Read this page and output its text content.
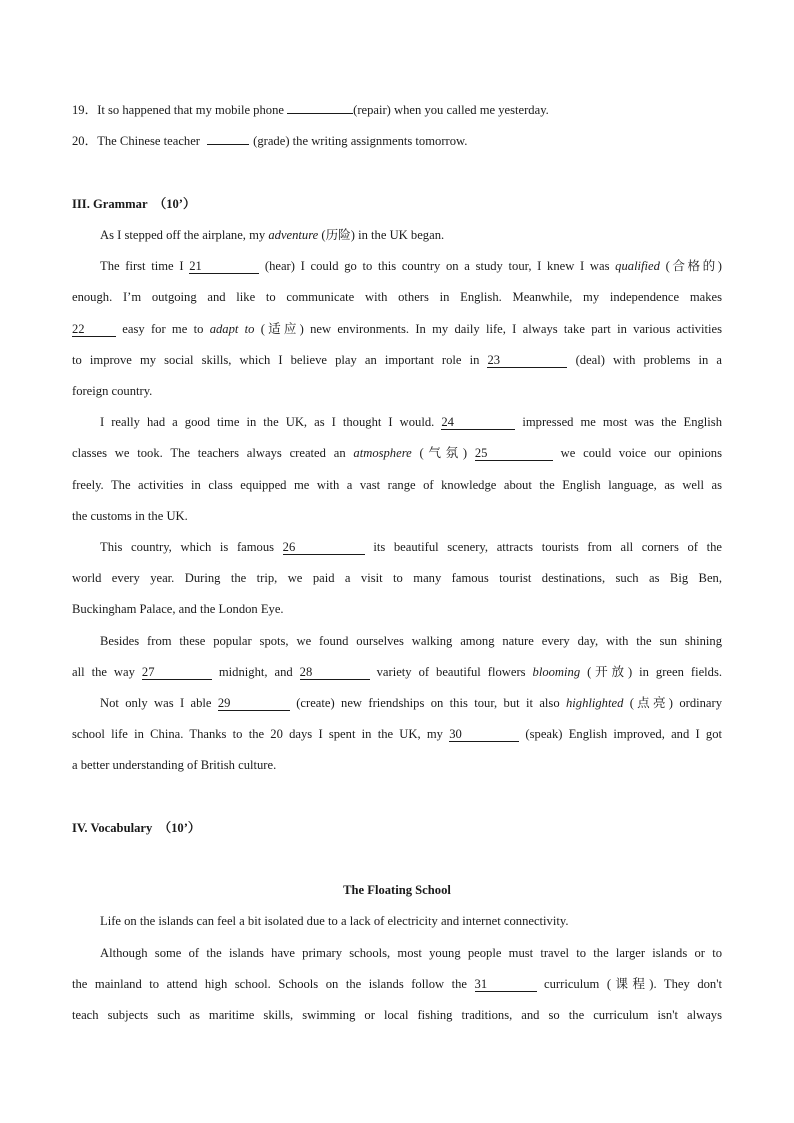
19．It so happened that my mobile phone	(repair) when you called me yesterday.
20．The Chinese teacher	(grade) the writing assignments tomorrow.
III. Grammar　（10’）
As I stepped off the airplane, my adventure (历险) in the UK began.
The first time I 21	(hear) I could go to this country on a study tour, I knew I was qualified (合格的)
enough. I’m outgoing and like to communicate with others in English. Meanwhile, my independence makes
22 easy for me to adapt to (适应) new environments. In my daily life, I always take part in various activities
to improve my social skills, which I believe play an important role in 23	(deal) with problems in a
foreign country.
I really had a good time in the UK, as I thought I would. 24	impressed me most was the English
classes we took. The teachers always created an atmosphere (气氛) 25	we could voice our opinions
freely. The activities in class equipped me with a vast range of knowledge about the English language, as well as
the customs in the UK.
This country, which is famous 26	its beautiful scenery, attracts tourists from all corners of the
world every year. During the trip, we paid a visit to many famous tourist destinations, such as Big Ben,
Buckingham Palace, and the London Eye.
Besides from these popular spots, we found ourselves walking among nature every day, with the sun shining
all the way 27	midnight, and 28	variety of beautiful flowers blooming (开放) in green fields.
Not only was I able 29	(create) new friendships on this tour, but it also highlighted (点亮) ordinary
school life in China. Thanks to the 20 days I spent in the UK, my 30	(speak) English improved, and I got
a better understanding of British culture.
IV. Vocabulary　（10’）
The Floating School
Life on the islands can feel a bit isolated due to a lack of electricity and internet connectivity.
Although some of the islands have primary schools, most young people must travel to the larger islands or to
the mainland to attend high school. Schools on the islands follow the 31	curriculum (课程). They don't
teach subjects such as maritime skills, swimming or local fishing traditions, and so the curriculum isn't always
